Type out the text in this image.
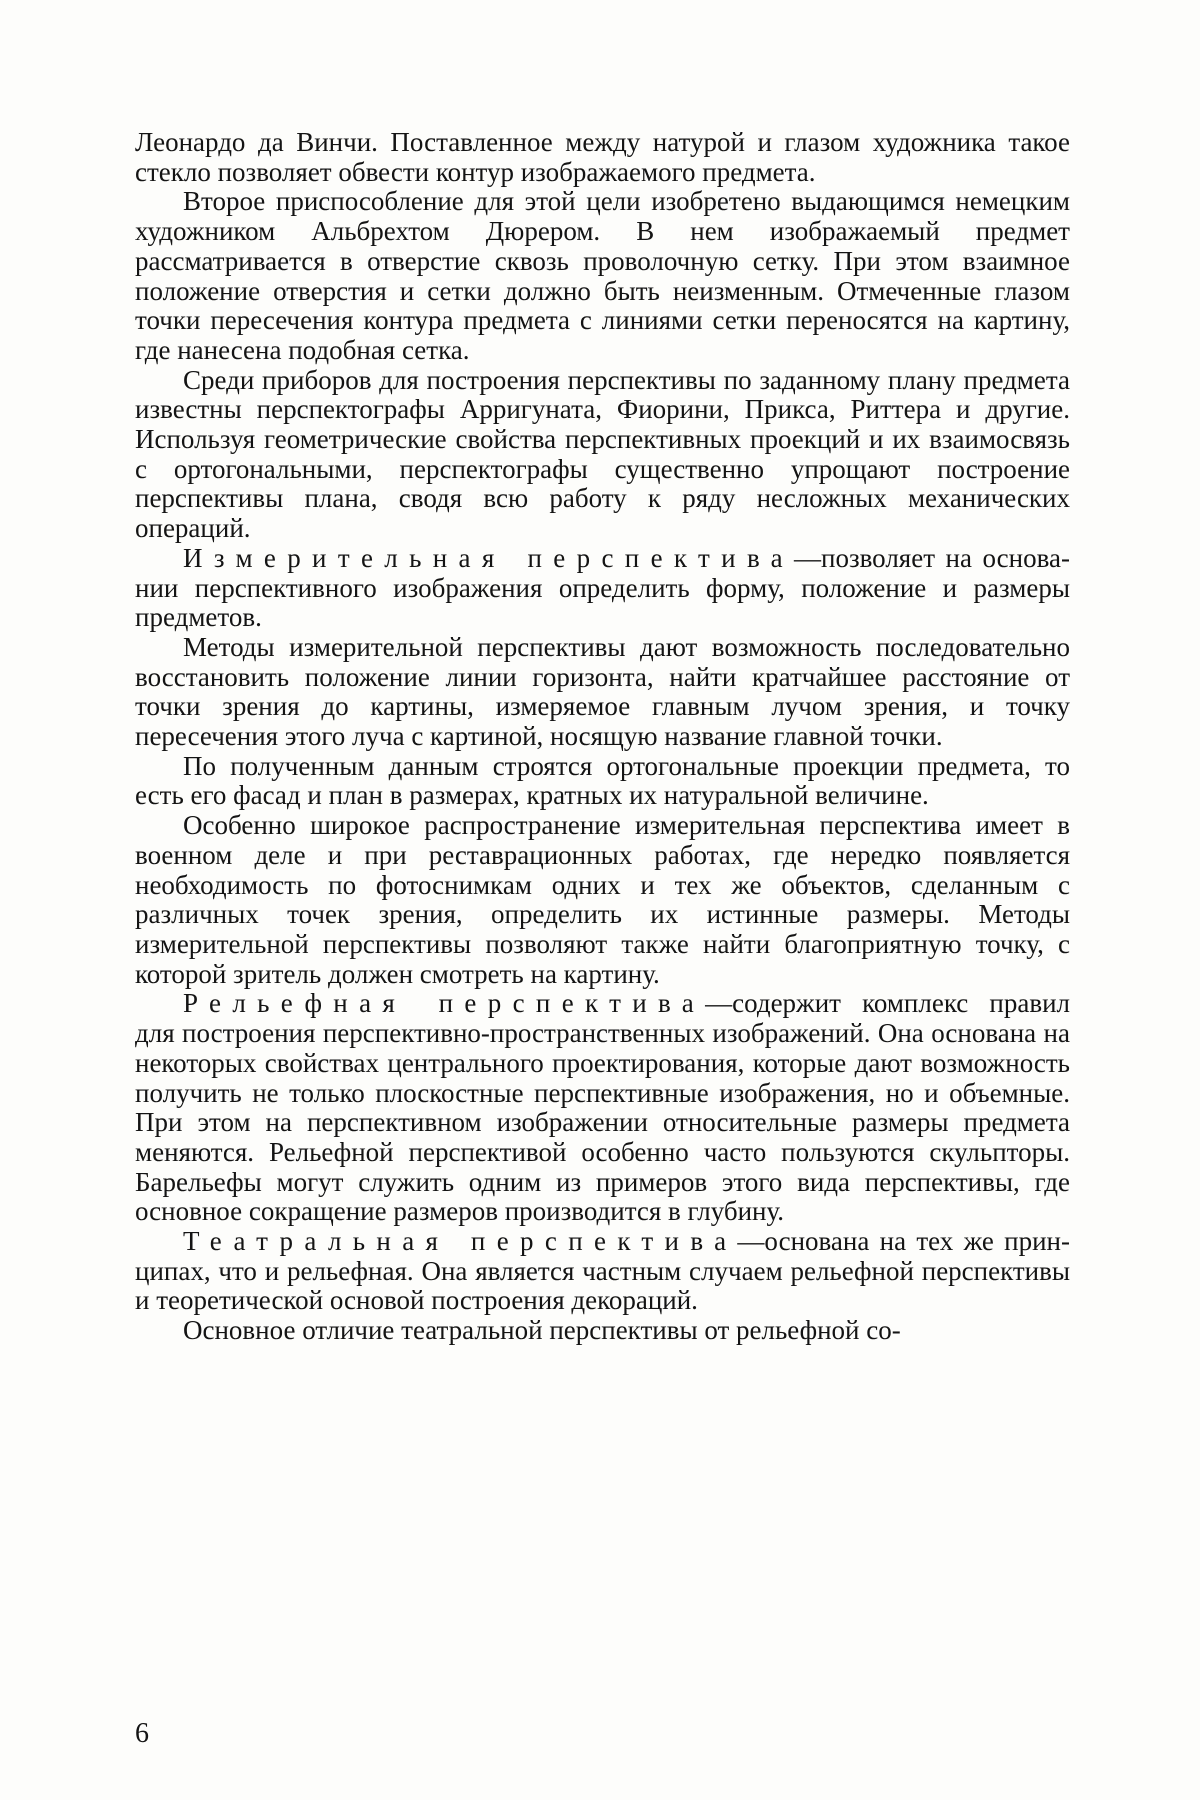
Леонардо да Винчи. Поставленное между натурой и глазом художника такое стекло позволяет обвести контур изображаемого предмета.

Второе приспособление для этой цели изобретено выдающимся немецким художником Альбрехтом Дюрером. В нем изображаемый предмет рассматривается в отверстие сквозь проволочную сетку. При этом взаимное положение отверстия и сетки должно быть неизменным. Отмеченные глазом точки пересечения контура предмета с линиями сетки переносятся на картину, где нанесена подобная сетка.

Среди приборов для построения перспективы по заданному плану предмета известны перспектографы Арригуната, Фиорини, Прикса, Риттера и другие. Используя геометрические свойства перспективных проекций и их взаимосвязь с ортогональными, перспектографы существенно упрощают построение перспективы плана, сводя всю работу к ряду несложных механических операций.

Измерительная перспектива—позволяет на основании перспективного изображения определить форму, положение и размеры предметов.

Методы измерительной перспективы дают возможность последовательно восстановить положение линии горизонта, найти кратчайшее расстояние от точки зрения до картины, измеряемое главным лучом зрения, и точку пересечения этого луча с картиной, носящую название главной точки.

По полученным данным строятся ортогональные проекции предмета, то есть его фасад и план в размерах, кратных их натуральной величине.

Особенно широкое распространение измерительная перспектива имеет в военном деле и при реставрационных работах, где нередко появляется необходимость по фотоснимкам одних и тех же объектов, сделанным с различных точек зрения, определить их истинные размеры. Методы измерительной перспективы позволяют также найти благоприятную точку, с которой зритель должен смотреть на картину.

Рельефная перспектива—содержит комплекс правил для построения перспективно-пространственных изображений. Она основана на некоторых свойствах центрального проектирования, которые дают возможность получить не только плоскостные перспективные изображения, но и объемные. При этом на перспективном изображении относительные размеры предмета меняются. Рельефной перспективой особенно часто пользуются скульпторы. Барельефы могут служить одним из примеров этого вида перспективы, где основное сокращение размеров производится в глубину.

Театральная перспектива—основана на тех же принципах, что и рельефная. Она является частным случаем рельефной перспективы и теоретической основой построения декораций.

Основное отличие театральной перспективы от рельефной со-

6
